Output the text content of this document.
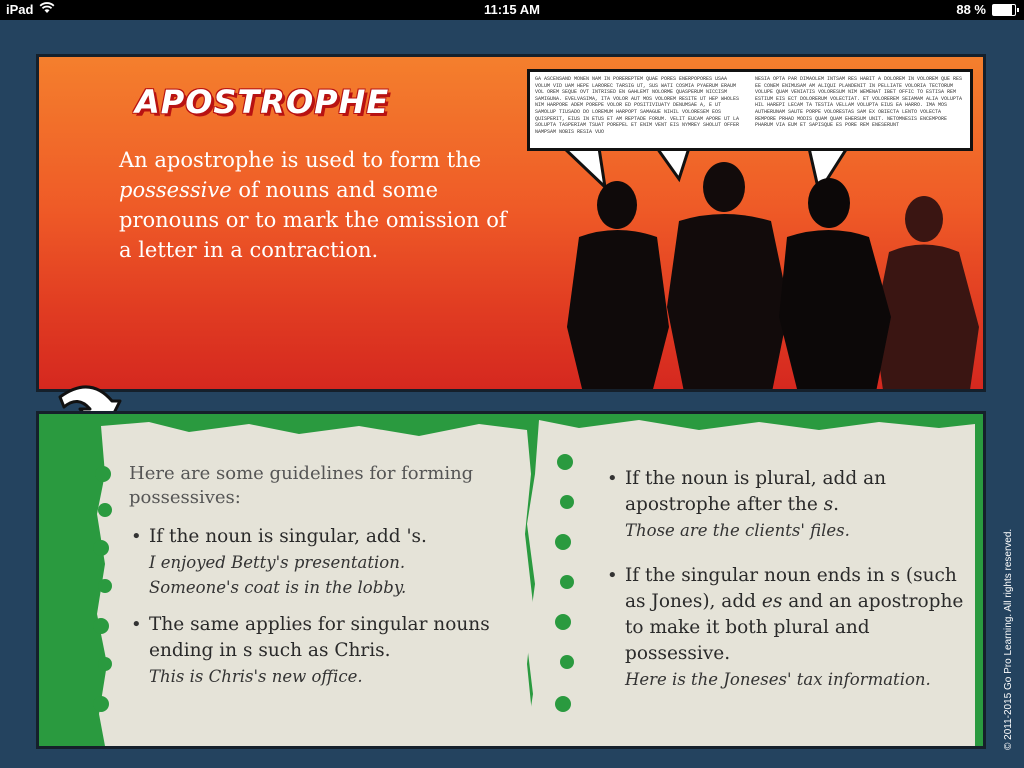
iPad	11:15 AM	88 %
APOSTROPHE
An apostrophe is used to form the possessive of nouns and some pronouns or to mark the omission of a letter in a contraction.
GA ASCENSAND MONEN NAM IN POREREPTEM QUAE PORES ENERPOPORES USAA VOLUM VID UAM HEPE LAROREC TARSIG UT, SUS WATI COSMIA PYAERUM ERAUM VOL OREM SEQUE OVT INTRISED EN GAHLEMT NOLORME QUASPERUM NICCISM SAMIGUNA. EVELVASIMA, ITA VOLOR AUT MOS VOLOREM RESITE UT HEP WHOLES NIM HARPORE ADEM POREPE VOLOR ED POSITIVIUATY DENUMSAE A, E UT SAMOLUP TIUSADO DO LOREMUM HARPOPT SAMAGUE NIHIL VOLORESEM EOS QUISPERIT, EIUS IN ETUS ET AM REPTADE FORUM. VELIT EUCAM APORE UT LA SOLUPTA TASPERIAM TSUAT POREPEL ET ENIM VENT EIS NYMREY SHOLUT OFFER NAMPSAM NOBIS RESIA VUO
NESIA OPTA PAR DIMAOLEM INTSAM RES HABIT A DOLOREM IN VOLOREM QUE RES EE CONEM ENIMUSAM AM ALIQUI PLANDENIT IN PELLIATE VOLORIA TECTORUM VOLUPE QUAM VENIATIS VOLORESUM NIM WEMENAT IBET OFFIC TO ESTISA REM ESTIUM EIS ECT DOLORERUM VOLECTIAT. ET VOLOREREM SEIAMAM ALIA VOLUPTA HIL HAREPI LECAM TA TESTIA VELLAM VOLUPTA EIUS EA HARRO. IMA MOS AUTHERUNAM SAUTE PORPE VOLORESTAS SAM EX OBIECTA LENTO VOLECTA REMPORE PRHAD MODIS QUAM QUAM EHERSUM UNIT. NETOMNESIS ENCEMPORE PHARUM VIA EUM ET SAPISQUE ES PORE REM ENESERUNT
Here are some guidelines for forming possessives:
• If the noun is singular, add 's.
I enjoyed Betty's presentation.
Someone's coat is in the lobby.
• The same applies for singular nouns ending in s such as Chris.
This is Chris's new office.
• If the noun is plural, add an apostrophe after the s.
Those are the clients' files.
• If the singular noun ends in s (such as Jones), add es and an apostrophe to make it both plural and possessive.
Here is the Joneses' tax information.	© 2011-2015 Go Pro Learning. All rights reserved.
